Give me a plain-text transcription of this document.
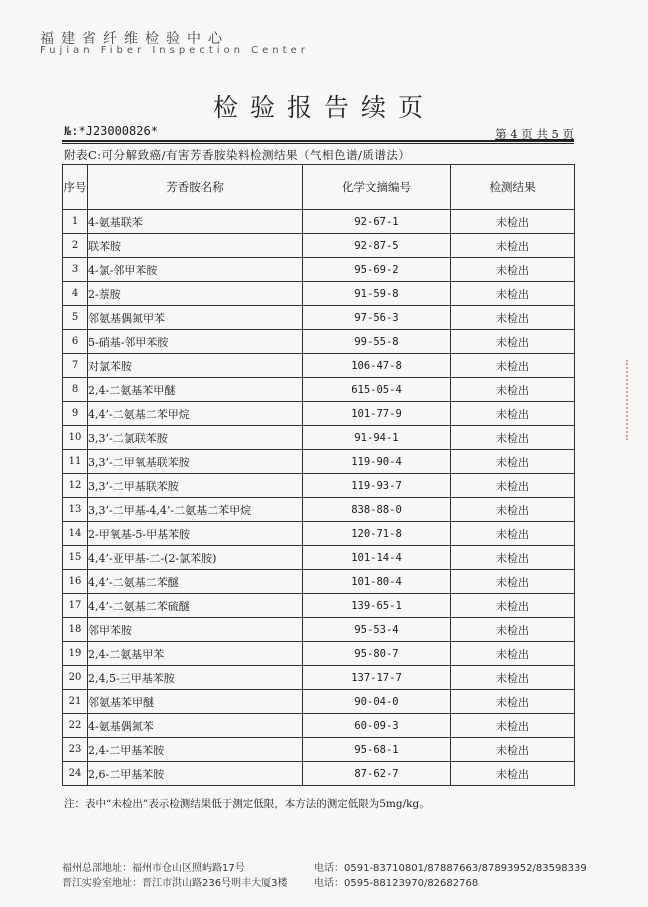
福建省纤维检验中心
Fujian Fiber Inspection Center
检验报告续页
№:*J23000826*	第 4 页 共 5 页
附表C:可分解致癌/有害芳香胺染料检测结果（气相色谱/质谱法）
序号	芳香胺名称	化学文摘编号	检测结果
1	4-氨基联苯	92-67-1	未检出
2	联苯胺	92-87-5	未检出
3	4-氯-邻甲苯胺	95-69-2	未检出
4	2-萘胺	91-59-8	未检出
5	邻氨基偶氮甲苯	97-56-3	未检出
6	5-硝基-邻甲苯胺	99-55-8	未检出
7	对氯苯胺	106-47-8	未检出
8	2,4-二氨基苯甲醚	615-05-4	未检出
9	4,4’-二氨基二苯甲烷	101-77-9	未检出
10	3,3’-二氯联苯胺	91-94-1	未检出
11	3,3’-二甲氧基联苯胺	119-90-4	未检出
12	3,3’-二甲基联苯胺	119-93-7	未检出
13	3,3’-二甲基-4,4’-二氨基二苯甲烷	838-88-0	未检出
14	2-甲氧基-5-甲基苯胺	120-71-8	未检出
15	4,4’-亚甲基-二-(2-氯苯胺)	101-14-4	未检出
16	4,4’-二氨基二苯醚	101-80-4	未检出
17	4,4’-二氨基二苯硫醚	139-65-1	未检出
18	邻甲苯胺	95-53-4	未检出
19	2,4-二氨基甲苯	95-80-7	未检出
20	2,4,5-三甲基苯胺	137-17-7	未检出
21	邻氨基苯甲醚	90-04-0	未检出
22	4-氨基偶氮苯	60-09-3	未检出
23	2,4-二甲基苯胺	95-68-1	未检出
24	2,6-二甲基苯胺	87-62-7	未检出
注：表中“未检出”表示检测结果低于测定低限，本方法的测定低限为5mg/kg。
福州总部地址：福州市仓山区照屿路17号	电话：0591-83710801/87887663/87893952/83598339
晋江实验室地址：晋江市洪山路236号明丰大厦3楼	电话：0595-88123970/82682768
